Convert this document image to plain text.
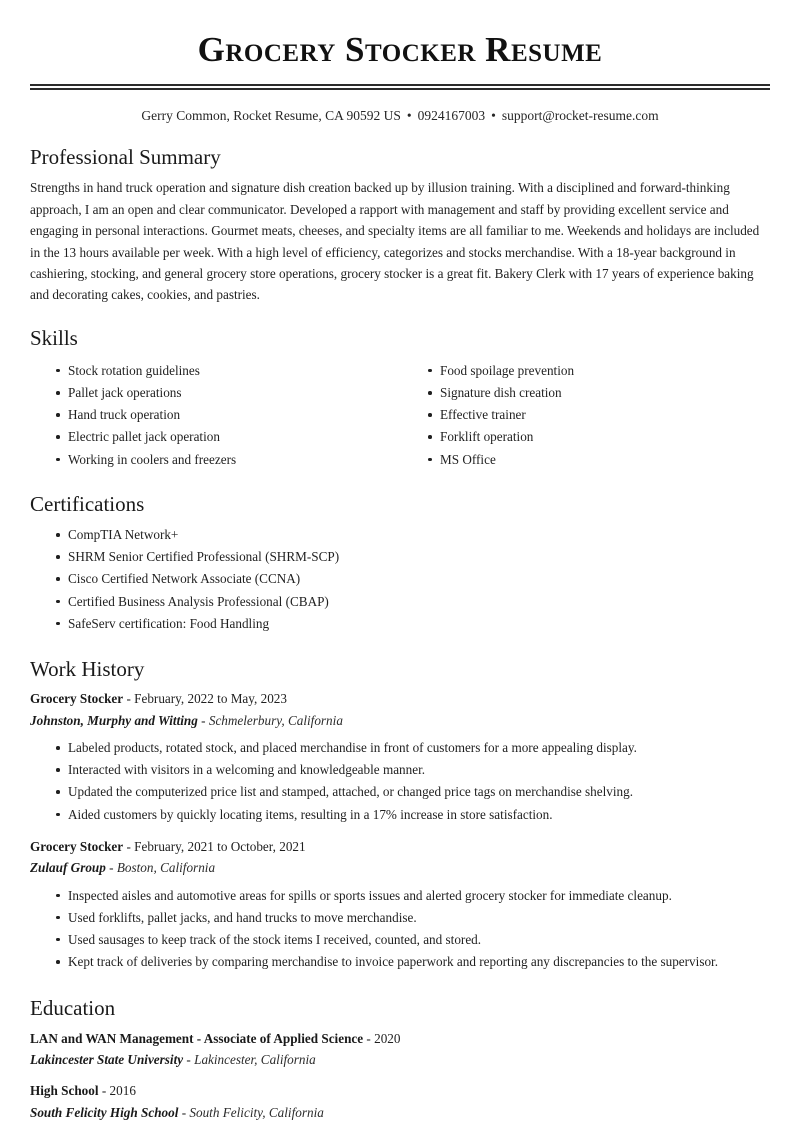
Grocery Stocker Resume
Gerry Common, Rocket Resume, CA 90592 US • 0924167003 • support@rocket-resume.com
Professional Summary

Strengths in hand truck operation and signature dish creation backed up by illusion training. With a disciplined and forward-thinking approach, I am an open and clear communicator. Developed a rapport with management and staff by providing excellent service and engaging in personal interactions. Gourmet meats, cheeses, and specialty items are all familiar to me. Weekends and holidays are included in the 13 hours available per week. With a high level of efficiency, categorizes and stocks merchandise. With a 18-year background in cashiering, stocking, and general grocery store operations, grocery stocker is a great fit. Bakery Clerk with 17 years of experience baking and decorating cakes, cookies, and pastries.

Skills
Stock rotation guidelines
Pallet jack operations
Hand truck operation
Electric pallet jack operation
Working in coolers and freezers
Food spoilage prevention
Signature dish creation
Effective trainer
Forklift operation
MS Office
Certifications
CompTIA Network+
SHRM Senior Certified Professional (SHRM-SCP)
Cisco Certified Network Associate (CCNA)
Certified Business Analysis Professional (CBAP)
SafeServ certification: Food Handling
Work History
Grocery Stocker - February, 2022 to May, 2023
Johnston, Murphy and Witting - Schmelerbury, California
Labeled products, rotated stock, and placed merchandise in front of customers for a more appealing display.
Interacted with visitors in a welcoming and knowledgeable manner.
Updated the computerized price list and stamped, attached, or changed price tags on merchandise shelving.
Aided customers by quickly locating items, resulting in a 17% increase in store satisfaction.
Grocery Stocker - February, 2021 to October, 2021
Zulauf Group - Boston, California
Inspected aisles and automotive areas for spills or sports issues and alerted grocery stocker for immediate cleanup.
Used forklifts, pallet jacks, and hand trucks to move merchandise.
Used sausages to keep track of the stock items I received, counted, and stored.
Kept track of deliveries by comparing merchandise to invoice paperwork and reporting any discrepancies to the supervisor.
Education
LAN and WAN Management - Associate of Applied Science - 2020
Lakincester State University - Lakincester, California
High School - 2016
South Felicity High School - South Felicity, California
